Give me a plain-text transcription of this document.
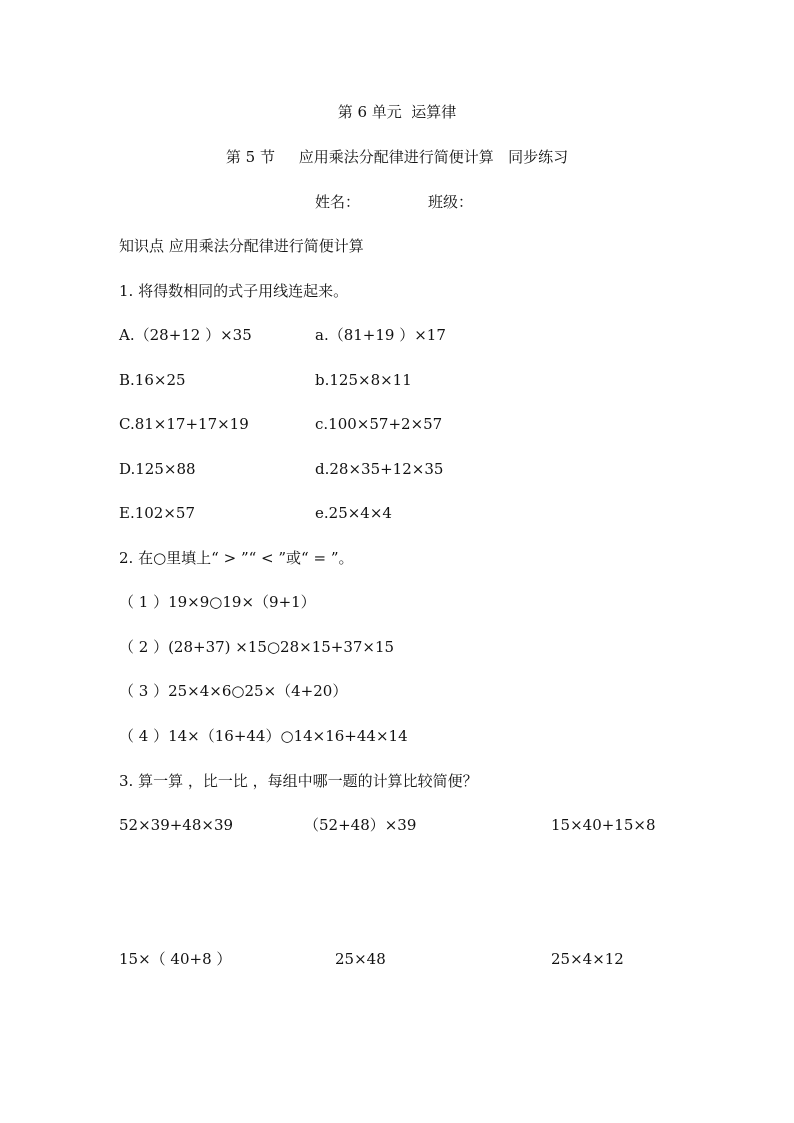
第 6 单元  运算律
第 5 节     应用乘法分配律进行简便计算   同步练习
姓名：	班级：
知识点 应用乘法分配律进行简便计算
1. 将得数相同的式子用线连起来。
A.（28+12 ）×35	a.（81+19 ）×17
B.16×25	b.125×8×11
C.81×17+17×19	c.100×57+2×57
D.125×88	d.28×35+12×35
E.102×57	e.25×4×4
2. 在○里填上“ > ”“ < ”或“ = ”。
（ 1 ）19×9○19×（9+1）
（ 2 ）(28+37) ×15○28×15+37×15
（ 3 ）25×4×6○25×（4+20）
（ 4 ）14×（16+44）○14×16+44×14
3. 算一算 ，比一比 ，每组中哪一题的计算比较简便？
52×39+48×39	（52+48）×39	15×40+15×8
15×（ 40+8 ）	25×48	25×4×12
